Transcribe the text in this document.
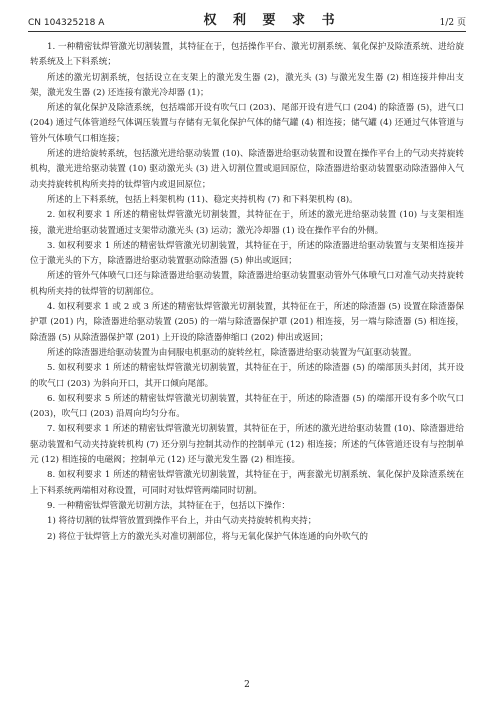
CN 104325218 A	权 利 要 求 书	1/2 页

1. 一种精密钛焊管激光切割装置，其特征在于，包括操作平台、激光切割系统、氧化保护及除渣系统、进给旋转系统及上下料系统；

所述的激光切割系统，包括设立在支架上的激光发生器 (2)，激光头 (3) 与激光发生器 (2) 相连接并伸出支架，激光发生器 (2) 还连接有激光冷却器 (1)；

所述的氧化保护及除渣系统，包括端部开设有吹气口 (203)、尾部开设有进气口 (204) 的除渣器 (5)，进气口 (204) 通过气体管道经气体调压装置与存储有无氧化保护气体的储气罐 (4) 相连接；储气罐 (4) 还通过气体管道与管外气体喷气口相连接；

所述的进给旋转系统，包括激光进给驱动装置 (10)、除渣器进给驱动装置和设置在操作平台上的气动夹持旋转机构，激光进给驱动装置 (10) 驱动激光头 (3) 进入切割位置或退回原位，除渣器进给驱动装置驱动除渣器伸入气动夹持旋转机构所夹持的钛焊管内或退回原位；

所述的上下料系统，包括上料架机构 (11)、稳定夹持机构 (7) 和下料架机构 (8)。

2. 如权利要求 1 所述的精密钛焊管激光切割装置，其特征在于，所述的激光进给驱动装置 (10) 与支架相连接，激光进给驱动装置通过支架带动激光头 (3) 运动；激光冷却器 (1) 设在操作平台的外侧。

3. 如权利要求 1 所述的精密钛焊管激光切割装置，其特征在于，所述的除渣器进给驱动装置与支架相连接并位于激光头的下方，除渣器进给驱动装置驱动除渣器 (5) 伸出或返回；

所述的管外气体喷气口还与除渣器进给驱动装置，除渣器进给驱动装置驱动管外气体喷气口对准气动夹持旋转机构所夹持的钛焊管的切割部位。

4. 如权利要求 1 或 2 或 3 所述的精密钛焊管激光切割装置，其特征在于，所述的除渣器 (5) 设置在除渣器保护罩 (201) 内，除渣器进给驱动装置 (205) 的一端与除渣器保护罩 (201) 相连接，另一端与除渣器 (5) 相连接，除渣器 (5) 从除渣器保护罩 (201) 上开设的除渣器伸缩口 (202) 伸出或返回；

所述的除渣器进给驱动装置为由伺服电机驱动的旋转丝杠，除渣器进给驱动装置为气缸驱动装置。

5. 如权利要求 1 所述的精密钛焊管激光切割装置，其特征在于，所述的除渣器 (5) 的端部顶头封闭，其开设的吹气口 (203) 为斜向开口，其开口倾向尾部。

6. 如权利要求 5 所述的精密钛焊管激光切割装置，其特征在于，所述的除渣器 (5) 的端部开设有多个吹气口 (203)，吹气口 (203) 沿周向均匀分布。

7. 如权利要求 1 所述的精密钛焊管激光切割装置，其特征在于，所述的激光进给驱动装置 (10)、除渣器进给驱动装置和气动夹持旋转机构 (7) 还分别与控制其动作的控制单元 (12) 相连接；所述的气体管道还设有与控制单元 (12) 相连接的电磁阀；控制单元 (12) 还与激光发生器 (2) 相连接。

8. 如权利要求 1 所述的精密钛焊管激光切割装置，其特征在于，两套激光切割系统、氧化保护及除渣系统在上下料系统两端相对称设置，可同时对钛焊管两端同时切割。

9. 一种精密钛焊管激光切割方法，其特征在于，包括以下操作：

1) 将待切割的钛焊管放置到操作平台上，并由气动夹持旋转机构夹持；

2) 将位于钛焊管上方的激光头对准切割部位，将与无氧化保护气体连通的向外吹气的

2
